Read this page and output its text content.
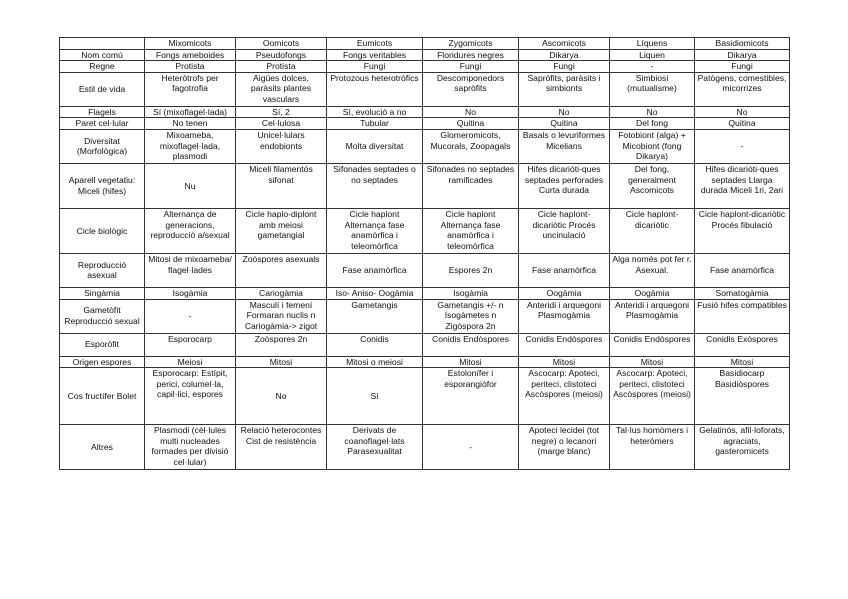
	Mixomicots	Oomicots	Eumicots	Zygomicots	Ascomicots	Líquens	Basidiomicots
Nom comú	Fongs ameboides	Pseudofongs	Fongs veritables	Floridures negres	Dikarya	Liquen	Dikarya
Regne	Protista	Protista	Fungi	Fungi	Fungi	-	Fungi
Estil de vida	Heteròtrofs per fagotrofia	Aigües dolces, paràsits plantes vasculars	Protozous heterotròfics	Descomponedors sapròfits	Sapròfits, paràsits i simbionts	Simbiosi (mutualisme)	Patògens, comestibles, micorrizes
Flagels	Sí (mixoflagel·lada)	Sí, 2	Sí, evolució a no	No	No	No	No
Paret cel·lular	No tenen	Cel·lulosa	Tubular	Quitina	Quitina	Del fong	Quitina
Diversitat (Morfològica)	Mixoameba, mixoflagel·lada, plasmodi	Unicel·lulars endobionts	Molta diversitat	Glomeromicots, Mucorals, Zoopagals	Basals o levuriformes Micelians	Fotobiont (alga) + Micobiont (fong Dikarya)	-
Aparell vegetatiu: Miceli (hifes)	Nu	Miceli filamentós sifonat	Sifonades septades o no septades	Sifonades no septades ramificades	Hifes dicarióti-ques septades perforades Curta durada	Del fong, generalment Ascomicots	Hifes dicarióti-ques septades Llarga durada Miceli 1ri, 2ari
Cicle biològic	Alternança de generacions, reproducció a/sexual	Cicle haplo-diplont amb meiosi gametangial	Cicle haplont Alternança fase anamòrfica i teleomòrfica	Cicle haplont Alternança fase anamòrfica i teleomòrfica	Cicle haplont-dicariòtic Procés uncinulació	Cicle haplont-dicariòtic	Cicle haplont-dicariòtic Procés fibulació
Reproducció asexual	Mitosi de mixoameba/ flagel·lades	Zoòspores asexuals	Fase anamòrfica	Espores 2n	Fase anamòrfica	Alga només pot fer r. Asexual.	Fase anamòrfica
Singàmia	Isogàmia	Cariogàmia	Iso- Aniso- Oogàmia	Isogàmia	Oogàmia	Oogàmia	Somatogàmia
Gametòfit Reproducció sexual	-	Masculí i femení Formaran nuclis n Cariogàmia-> zigot	Gametangis	Gametangis +/- n Isogàmetes n Zigòspora 2n	Anteridi i arquegoni Plasmogàmia	Anteridi i arquegoni Plasmogàmia	Fusió hifes compatibles
Esporòfit	Esporocarp	Zoòspores 2n	Conidis	Conidis Endòspores	Conidis Endòspores	Conidis Endòspores	Conidis Exòspores
Origen espores	Meiosi	Mitosi	Mitosi o meiosi	Mitosi	Mitosi	Mitosi	Mitosi
Cos fructífer Bolet	Esporocarp: Estípit, perici, columel·la, capil·lici, espores	No	Sí	Estolonífer i esporangiòfor	Ascocarp: Apoteci, periteci, clistoteci Ascòspores (meiosi)	Ascocarp: Apoteci, periteci, clistoteci Ascòspores (meiosi)	Basidiocarp Basidiòspores
Altres	Plasmodi (cèl·lules multi nucleades formades per divisió cel·lular)	Relació heterocontes Cist de resistència	Derivats de coanoflagel·lats Parasexualitat	-	Apoteci lecidei (tot negre) o lecanori (marge blanc)	Tal·lus homòmers i heteròmers	Gelatinós, afil·loforats, agraciats, gasteromicets
